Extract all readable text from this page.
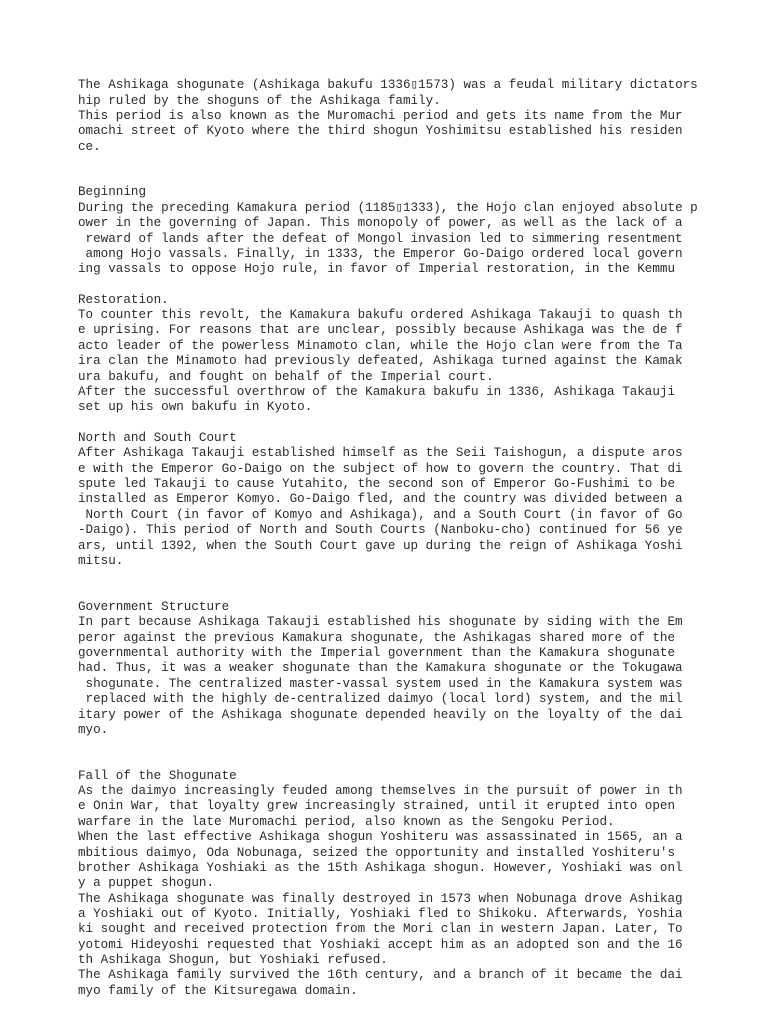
The Ashikaga shogunate (Ashikaga bakufu 1336▯1573) was a feudal military dictators
hip ruled by the shoguns of the Ashikaga family.
This period is also known as the Muromachi period and gets its name from the Mur
omachi street of Kyoto where the third shogun Yoshimitsu established his residen
ce.
Beginning
During the preceding Kamakura period (1185▯1333), the Hojo clan enjoyed absolute p
ower in the governing of Japan. This monopoly of power, as well as the lack of a
reward of lands after the defeat of Mongol invasion led to simmering resentment
among Hojo vassals. Finally, in 1333, the Emperor Go-Daigo ordered local govern
ing vassals to oppose Hojo rule, in favor of Imperial restoration, in the Kemmu
Restoration.
To counter this revolt, the Kamakura bakufu ordered Ashikaga Takauji to quash th
e uprising. For reasons that are unclear, possibly because Ashikaga was the de f
acto leader of the powerless Minamoto clan, while the Hojo clan were from the Ta
ira clan the Minamoto had previously defeated, Ashikaga turned against the Kamak
ura bakufu, and fought on behalf of the Imperial court.
After the successful overthrow of the Kamakura bakufu in 1336, Ashikaga Takauji
set up his own bakufu in Kyoto.
North and South Court
After Ashikaga Takauji established himself as the Seii Taishogun, a dispute aros
e with the Emperor Go-Daigo on the subject of how to govern the country. That di
spute led Takauji to cause Yutahito, the second son of Emperor Go-Fushimi to be
installed as Emperor Komyo. Go-Daigo fled, and the country was divided between a
North Court (in favor of Komyo and Ashikaga), and a South Court (in favor of Go
-Daigo). This period of North and South Courts (Nanboku-cho) continued for 56 ye
ars, until 1392, when the South Court gave up during the reign of Ashikaga Yoshi
mitsu.
Government Structure
In part because Ashikaga Takauji established his shogunate by siding with the Em
peror against the previous Kamakura shogunate, the Ashikagas shared more of the
governmental authority with the Imperial government than the Kamakura shogunate
had. Thus, it was a weaker shogunate than the Kamakura shogunate or the Tokugawa
shogunate. The centralized master-vassal system used in the Kamakura system was
replaced with the highly de-centralized daimyo (local lord) system, and the mil
itary power of the Ashikaga shogunate depended heavily on the loyalty of the dai
myo.
Fall of the Shogunate
As the daimyo increasingly feuded among themselves in the pursuit of power in th
e Onin War, that loyalty grew increasingly strained, until it erupted into open
warfare in the late Muromachi period, also known as the Sengoku Period.
When the last effective Ashikaga shogun Yoshiteru was assassinated in 1565, an a
mbitious daimyo, Oda Nobunaga, seized the opportunity and installed Yoshiteru's
brother Ashikaga Yoshiaki as the 15th Ashikaga shogun. However, Yoshiaki was onl
y a puppet shogun.
The Ashikaga shogunate was finally destroyed in 1573 when Nobunaga drove Ashikag
a Yoshiaki out of Kyoto. Initially, Yoshiaki fled to Shikoku. Afterwards, Yoshia
ki sought and received protection from the Mori clan in western Japan. Later, To
yotomi Hideyoshi requested that Yoshiaki accept him as an adopted son and the 16
th Ashikaga Shogun, but Yoshiaki refused.
The Ashikaga family survived the 16th century, and a branch of it became the dai
myo family of the Kitsuregawa domain.
